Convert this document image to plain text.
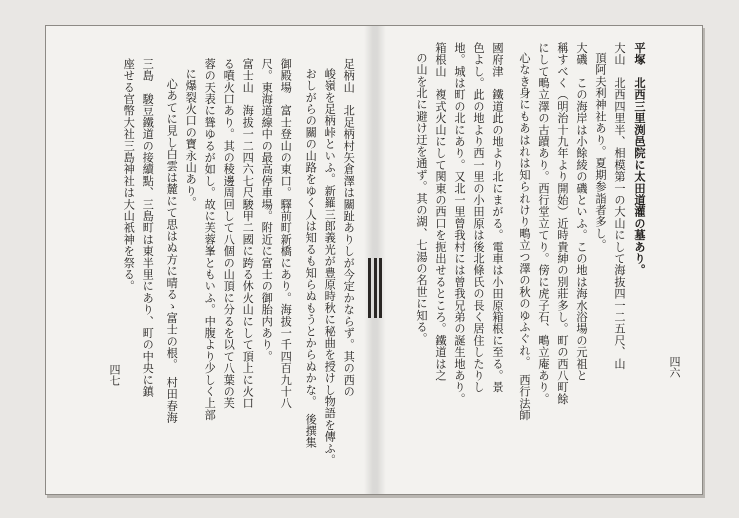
平塚　北西三里渕邑院に太田道灌の墓あり。
大山　北西四里半、相模第一の大山にして海抜四一二五尺、山
頂阿夫利神社あり。夏期参詣者多し。
大磯　この海岸は小餘綾の磯といふ。この地は海水浴場の元祖と
稱すべく（明治十九年より開始）近時貴紳の別莊多し。町の西八町餘
にして鴫立澤の古蹟あり。西行堂立てり。傍に虎子石、鴫立庵あり。
心なき身にもあはれは知られけり鴫立つ澤の秋のゆふぐれ。　西行法師
國府津　鐵道此の地より北にまがる。電車は小田原箱根に至る。景
色よし。此の地より西一里の小田原は後北條氏の長く居住したりし
地。城は町の北にあり。又北一里曾我村には曾我兄弟の誕生地あり。
箱根山　複式火山にして関東の西口を扼出せるところ。鐵道は之
の山を北に避け迂を通ず。其の湖、七湯の名世に知る。
四六
足柄山　北足柄村矢倉澤は關趾ありしが今定かならず。其の西の
峻嶺を足柄峠といふ。新羅三郎義光が豊原時秋に秘曲を授けし物語を傳ふ。
おしがらの關の山路をゆく人は知るも知らぬもうとからぬかな。　後撰集
御殿場　富士登山の東口。驛前町新橋にあり。海拔一千四百九十八
尺。東海道線中の最高停車場。附近に富士の御胎内あり。
富士山　海拔一二四六七尺駿甲二國に跨る休火山にして頂上に火口
る噴火口あり。其の稜邊周回して八個の山頂に分るを以て八葉の芙
蓉の天表に聳ゆるが如し。故に芙蓉峯ともいふ。中腹より少しく上部
に爆裂火口の寶永山あり。
心あてに見し白雲は麓にて思はぬ方に晴るゝ富士の根。　村田春海
三島　駿豆鐵道の接續點、三島町は東半里にあり、町の中央に鎮
座せる官幣大社三島神社は大山祇神を祭る。
四七
